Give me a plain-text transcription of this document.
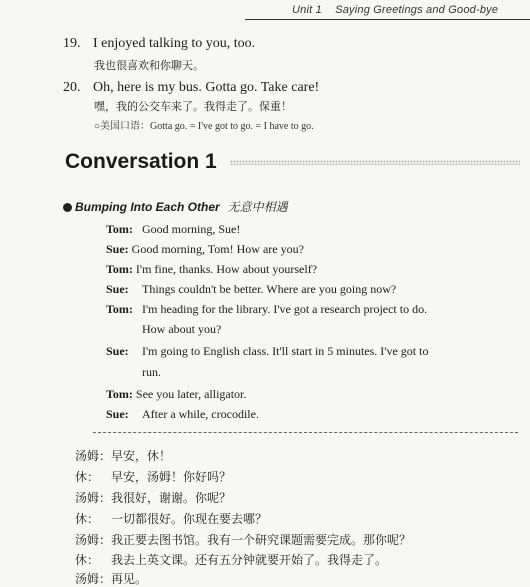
Unit 1 Saying Greetings and Good-bye
19. I enjoyed talking to you, too.
我也很喜欢和你聊天。
20. Oh, here is my bus. Gotta go. Take care!
嘿，我的公交车来了。我得走了。保重！
○美国口语：Gotta go. = I've got to go. = I have to go.
Conversation 1
Bumping Into Each Other 无意中相遇
Tom: Good morning, Sue!
Sue: Good morning, Tom! How are you?
Tom: I'm fine, thanks. How about yourself?
Sue: Things couldn't be better. Where are you going now?
Tom: I'm heading for the library. I've got a research project to do.
How about you?
Sue: I'm going to English class. It'll start in 5 minutes. I've got to
run.
Tom: See you later, alligator.
Sue: After a while, crocodile.
汤姆：早安，休！
休： 早安，汤姆！你好吗？
汤姆：我很好，谢谢。你呢？
休： 一切都很好。你现在要去哪？
汤姆：我正要去图书馆。我有一个研究课题需要完成。那你呢？
休： 我去上英文课。还有五分钟就要开始了。我得走了。
汤姆：再见。
